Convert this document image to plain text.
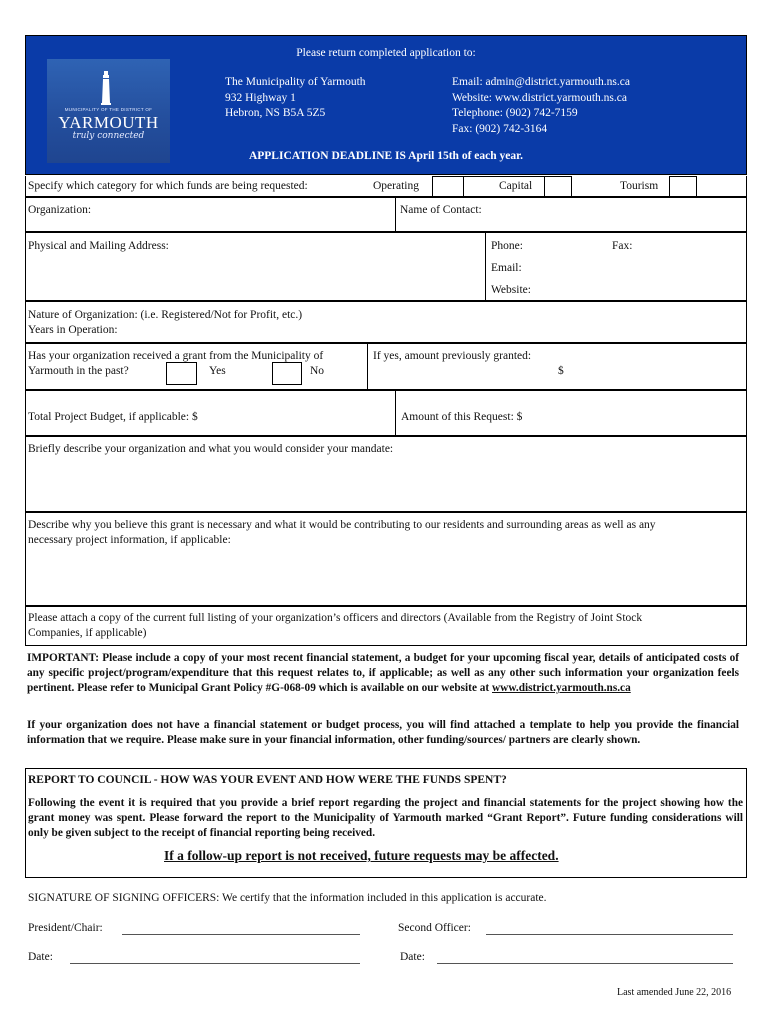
Please return completed application to:
MUNICIPALITY OF THE DISTRICT OF
YARMOUTH
truly connected
The Municipality of Yarmouth
932 Highway 1
Hebron, NS B5A 5Z5
Email: admin@district.yarmouth.ns.ca
Website: www.district.yarmouth.ns.ca
Telephone: (902) 742-7159
Fax: (902) 742-3164
APPLICATION DEADLINE IS April 15th of each year.
Specify which category for which funds are being requested:	Operating	Capital	Tourism
Organization:	Name of Contact:
Physical and Mailing Address:	Phone:	Fax:
Email:
Website:
Nature of Organization: (i.e. Registered/Not for Profit, etc.)
Years in Operation:
Has your organization received a grant from the Municipality of
Yarmouth in the past?	Yes	No
If yes, amount previously granted:
$
Total Project Budget, if applicable: $	Amount of this Request: $
Briefly describe your organization and what you would consider your mandate:
Describe why you believe this grant is necessary and what it would be contributing to our residents and surrounding areas as well as any
necessary project information, if applicable:
Please attach a copy of the current full listing of your organization’s officers and directors (Available from the Registry of Joint Stock
Companies, if applicable)
IMPORTANT: Please include a copy of your most recent financial statement, a budget for your upcoming fiscal year, details of anticipated costs of any specific project/program/expenditure that this request relates to, if applicable; as well as any other such information your organization feels pertinent. Please refer to Municipal Grant Policy #G-068-09 which is available on our website at www.district.yarmouth.ns.ca
If your organization does not have a financial statement or budget process, you will find attached a template to help you provide the financial information that we require. Please make sure in your financial information, other funding/sources/ partners are clearly shown.
REPORT TO COUNCIL - HOW WAS YOUR EVENT AND HOW WERE THE FUNDS SPENT?
Following the event it is required that you provide a brief report regarding the project and financial statements for the project showing how the grant money was spent. Please forward the report to the Municipality of Yarmouth marked “Grant Report”. Future funding considerations will only be given subject to the receipt of financial reporting being received.
If a follow-up report is not received, future requests may be affected.
SIGNATURE OF SIGNING OFFICERS: We certify that the information included in this application is accurate.
President/Chair:	Second Officer:
Date:	Date:
Last amended June 22, 2016
